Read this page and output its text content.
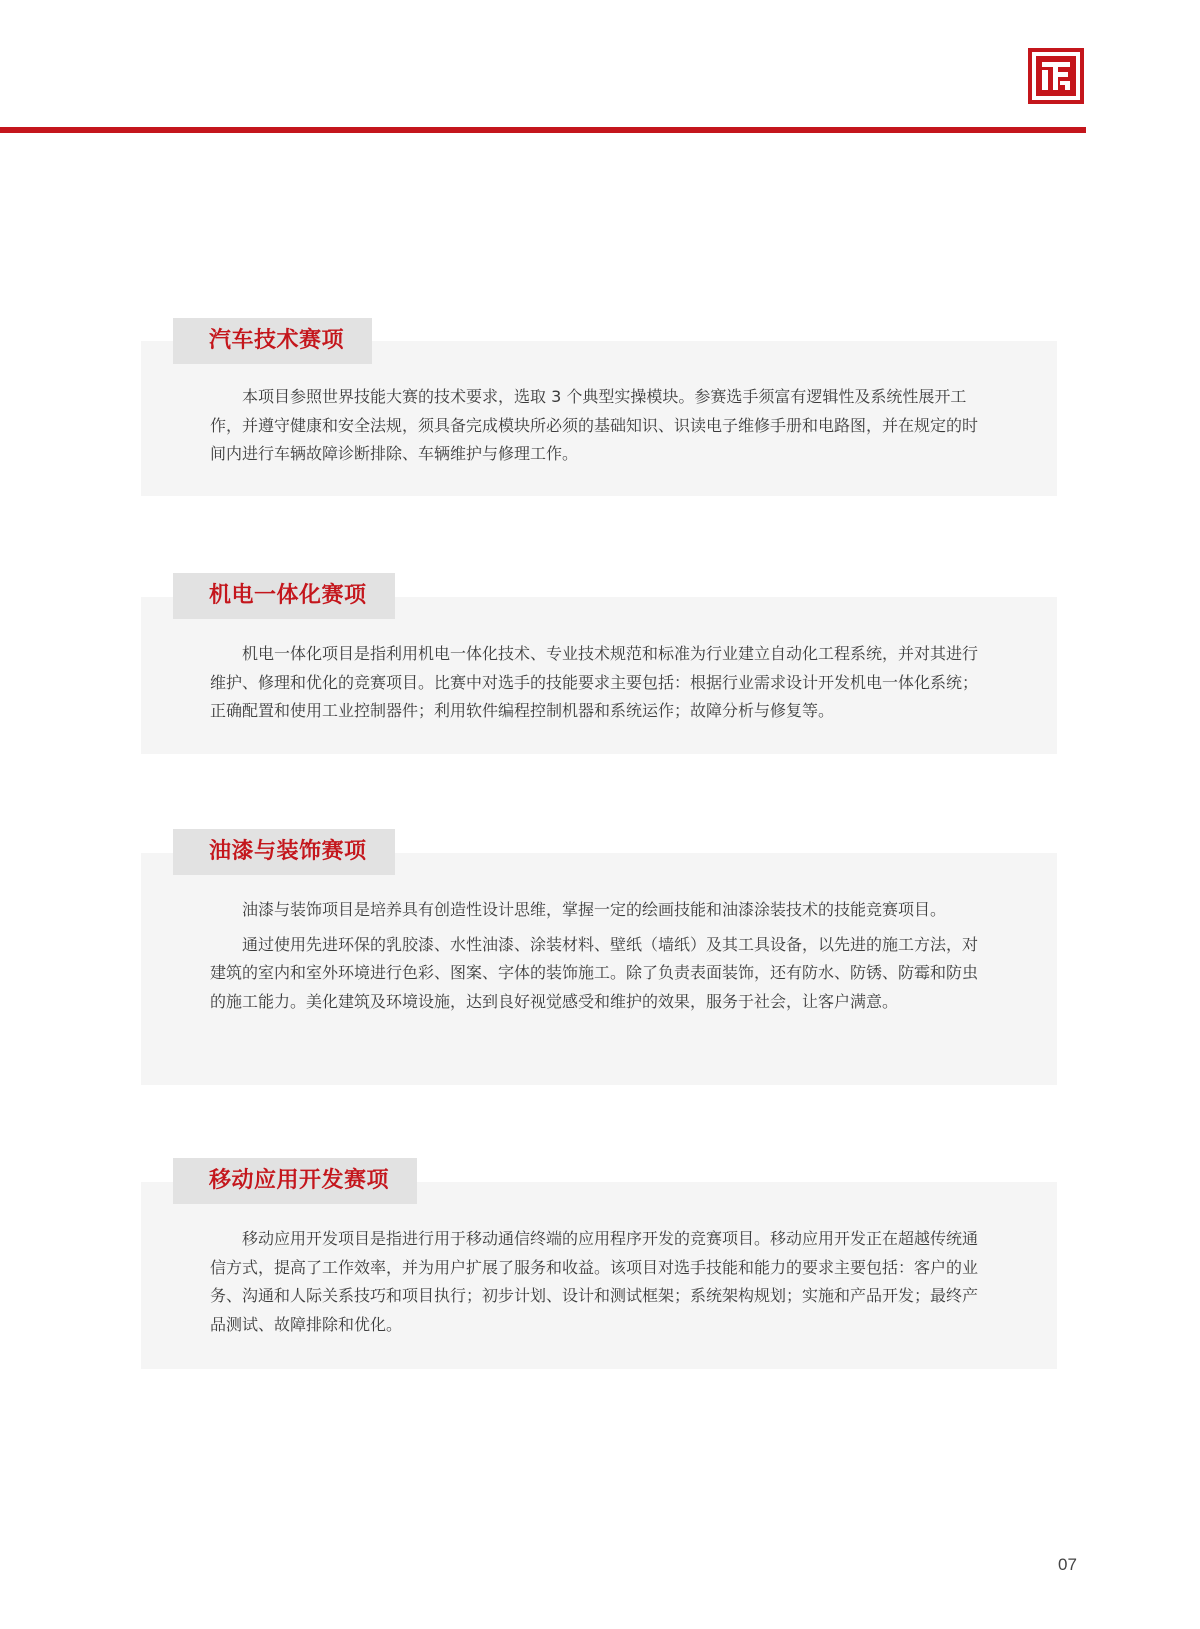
汽车技术赛项

本项目参照世界技能大赛的技术要求，选取 3 个典型实操模块。参赛选手须富有逻辑性及系统性展开工作，并遵守健康和安全法规，须具备完成模块所必须的基础知识、识读电子维修手册和电路图，并在规定的时间内进行车辆故障诊断排除、车辆维护与修理工作。

机电一体化赛项

机电一体化项目是指利用机电一体化技术、专业技术规范和标准为行业建立自动化工程系统，并对其进行维护、修理和优化的竞赛项目。比赛中对选手的技能要求主要包括：根据行业需求设计开发机电一体化系统；正确配置和使用工业控制器件；利用软件编程控制机器和系统运作；故障分析与修复等。

油漆与装饰赛项

油漆与装饰项目是培养具有创造性设计思维，掌握一定的绘画技能和油漆涂装技术的技能竞赛项目。

通过使用先进环保的乳胶漆、水性油漆、涂装材料、壁纸（墙纸）及其工具设备，以先进的施工方法，对建筑的室内和室外环境进行色彩、图案、字体的装饰施工。除了负责表面装饰，还有防水、防锈、防霉和防虫的施工能力。美化建筑及环境设施，达到良好视觉感受和维护的效果，服务于社会，让客户满意。

移动应用开发赛项

移动应用开发项目是指进行用于移动通信终端的应用程序开发的竞赛项目。移动应用开发正在超越传统通信方式，提高了工作效率，并为用户扩展了服务和收益。该项目对选手技能和能力的要求主要包括：客户的业务、沟通和人际关系技巧和项目执行；初步计划、设计和测试框架；系统架构规划；实施和产品开发；最终产品测试、故障排除和优化。

07
